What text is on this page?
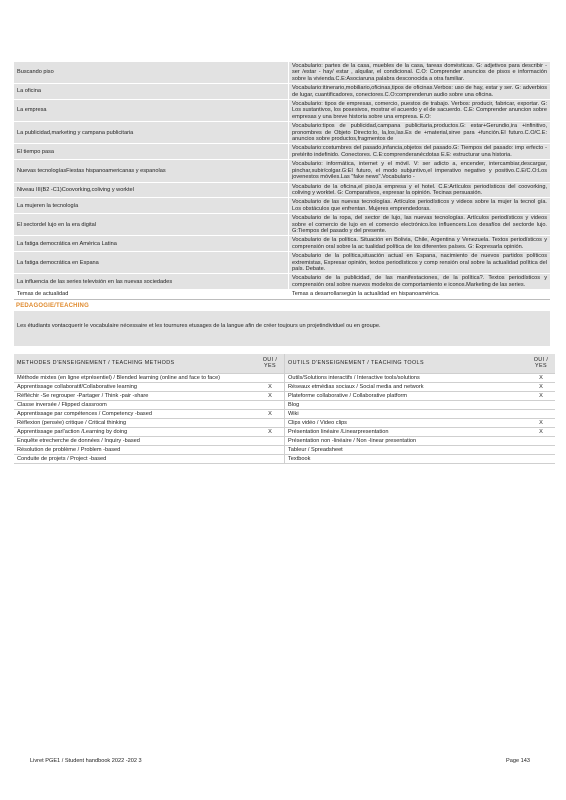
Buscando piso	Vocabulario: partes de la casa, muebles de la casa, tareas domésticas. G: adjetivos para describir - ser /estar - hay/ estar , alquilar, el condicional. C.O: Comprender anuncios de pisos e información sobre la vivienda.C.E:Asociaruna palabra desconocida a otra familiar.
La oficina	Vocabulario:itinerario,mobiliario,oficinas,tipos de oficinas.Verbos: uso de hay, estar y ser. G: adverbios de lugar, cuantificadores, conectores.C.O:comprenderun audio sobre una oficina.
La empresa	Vocabulario: tipos de empresas, comercio, puestos de trabajo. Verbos: producir, fabricar, exportar. G: Los sustantivos, los posesivos, mostrar el acuerdo y el de sacuerdo. C.E: Comprender anuncion sobre empresas y una breve historia sobre una empresa. E.O:
La publicidad,marketing y campana publicitaria	Vocabulario:tipos de publicidad,campana publicitaria,productos.G: estar+Gerundio,ira +infinitivo, pronombres de Objeto Directo:lo, la,los,las.Es de +material,sirve para +función.EI futuro.C.O/C.E: anuncios sobre productos,fragmentos de
El tiempo pasa	Vocabulario:costumbres del pasado,infancia,objetos del pasado.G: Tiempos del pasado: imp erfecto - pretérito indefinido. Conectores. C.E:comprenderanécdotas E.E: estructurar una historia.
Nuevas tecnologíasFiestas hispanoamericanas y espanolas	Vocabulario: informática, internet y el móvil. V: ser adicto a, encender, intercambiar,descargar, pinchar,subir/colgar.G:EI futuro, el modo subjuntivo,el imperativo negativo y positivo.C.E/C.O:Los jovenestos móviles.Las "fake news".Vocabulario -
Niveau III(B2 -C1)Coovorking,coliving y worktel	Vocabulario de la oficina,el piso,la empresa y el hotel. C.E:Artículos periodísticos del coovorking, coliving y worktel. G: Comparativos, expresar la opinión. Tecinas persuasión.
La mujeren la tecnología	Vocabulario de las nuevas tecnologías. Artículos periodísticos y videos sobre la mujer la tecnol gía. Los obstáculos que enfrentan. Mujeres emprendedoras.
El sectordel lujo en la era digital	Vocabulario de la ropa, del sector de lujo, las nuevas tecnologías. Artículos periodísticos y videos sobre el comercio de lujo en el comercio electrónico.los influencers.Los desafíos del sectorde lujo. G:Tiempos del pasado y del presente.
La fatiga democrática en América Latina	Vocabulario de la política. Situación en Bolivia, Chile, Argentina y Venezuela. Textos periodísticos y comprensión oral sobre la ac tualidad política de los diferentes países. G: Expresarla opinión.
La fatiga democrática en Espana	Vocabulario de la política,situación actual en Espana, nacimiento de nuevos partidos políticos extremistas, Expresar opinión, textos periodísticos y comp rensión oral sobre la actualidad política del país. Debate.
La influencia de las series televisión en las nuevas sociedades	Vocabulario de la publicidad, de las manifestaciones, de la política?. Textos periodísticos y comprensión oral sobre nuevos modelos de comportamiento e iconos.Marketing de las series.
Temas de actualidad	Temas a desarrollarsegún la actualidad en hispanoamérica.
PEDAGOGIE/TEACHING
Les étudiants vontacquerir le vocabulaire nécessaire et les tournures etusages de la langue afin de créer toujours un projetindividuel ou en groupe.
METHODES D'ENSEIGNEMENT / TEACHING METHODS	OUI / YES	OUTILS D'ENSEIGNEMENT / TEACHING TOOLS	OUI / YES
Méthode mixtes (en ligne etprésentiel) / Blended learning (online and face to face)		Outils/Solutions interactifs / Interactive tools/solutions	X
Apprentissage collaboratif/Collaborative learning	X	Réseaux etmédias sociaux / Social media and network	X
Réfléchir -Se regrouper -Partager / Think -pair -share	X	Plateforme collaborative / Collaborative platform	X
Classe inversée / Flipped classroom		Blog	
Apprentissage par compétences / Competency -based	X	Wiki	
Réflexion (pensée) critique / Critical thinking		Clips vidéo / Video clips	X
Apprentissage parl'action /Learning by doing	X	Présentation linéaire /Linearpresentation	X
Enquête etrecherche de données / Inquiry -based		Présentation non -linéaire / Non -linear presentation	
Résolution de problème / Problem -based		Tableur / Spreadsheet	
Conduite de projets / Project -based		Textbook	
Livret PGE1 / Student handbook 2022 -202 3	Page 143
